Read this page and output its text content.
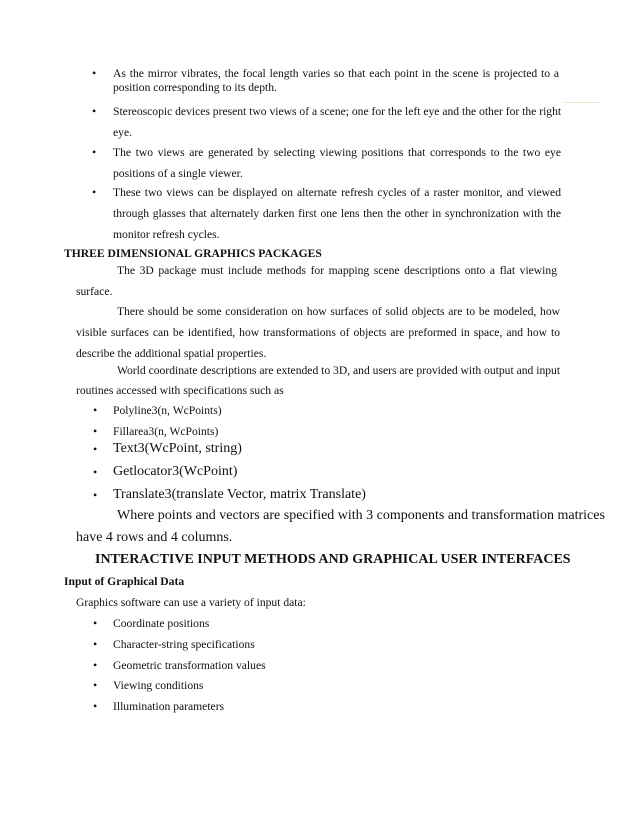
• As the mirror vibrates, the focal length varies so that each point in the scene is projected to a
position corresponding to its depth.
• Stereoscopic devices present two views of a scene; one for the left eye and the other for the right
eye.
• The two views are generated by selecting viewing positions that corresponds to the two eye
positions of a single viewer.
• These two views can be displayed on alternate refresh cycles of a raster monitor, and viewed
through glasses that alternately darken first one lens then the other in synchronization with the
monitor refresh cycles.
THREE DIMENSIONAL GRAPHICS PACKAGES
The 3D package must include methods for mapping scene descriptions onto a flat viewing
surface.
There should be some consideration on how surfaces of solid objects are to be modeled, how
visible surfaces can be identified, how transformations of objects are preformed in space, and how to
describe the additional spatial properties.
World coordinate descriptions are extended to 3D, and users are provided with output and input
routines accessed with specifications such as
• Polyline3(n, WcPoints)
• Fillarea3(n, WcPoints)
• Text3(WcPoint, string)
• Getlocator3(WcPoint)
• Translate3(translate Vector, matrix Translate)
Where points and vectors are specified with 3 components and transformation matrices
have 4 rows and 4 columns.
INTERACTIVE INPUT METHODS AND GRAPHICAL USER INTERFACES
Input of Graphical Data
Graphics software can use a variety of input data:
• Coordinate positions
• Character-string specifications
• Geometric transformation values
• Viewing conditions
• Illumination parameters
